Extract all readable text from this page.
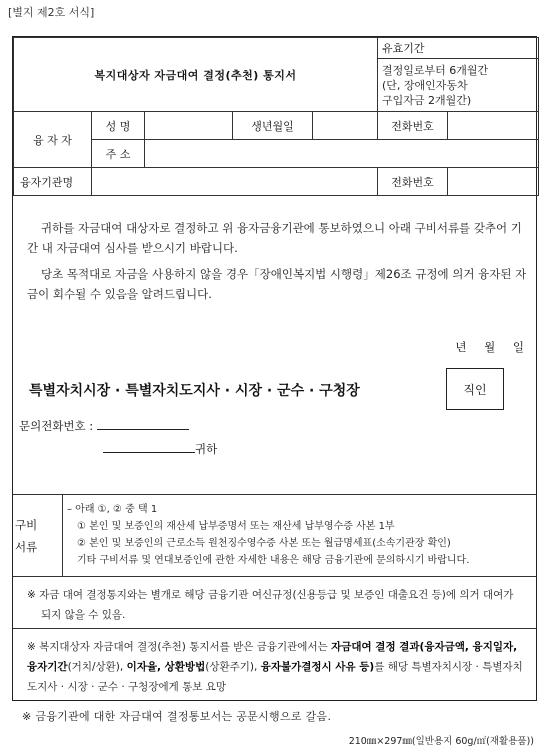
[별지 제2호 서식]
복지대상자 자금대여 결정(추천) 통지서					유효기간	

					결정일로부터 6개월간
(단, 장애인자동차
구입자금 2개월간)	

융 자 자	성 명		생년월일		전화번호	
	주 소					
융자기관명					전화번호	

귀하를 자금대여 대상자로 결정하고 위 융자금융기관에 통보하였으니 아래 구비서류를 갖추어 기간 내 자금대여 심사를 받으시기 바랍니다.

당초 목적대로 자금을 사용하지 않을 경우「장애인복지법 시행령」제26조 규정에 의거 융자된 자금이 회수될 수 있음을 알려드립니다.

년 월 일
특별자치시장 · 특별자치도지사 · 시장 · 군수 · 구청장	직인
문의전화번호 :
귀하
구비
서류
– 아래 ①, ② 중 택 1
① 본인 및 보증인의 재산세 납부증명서 또는 재산세 납부영수증 사본 1부
② 본인 및 보증인의 근로소득 원천징수영수증 사본 또는 월급명세표(소속기관장 확인)
기타 구비서류 및 연대보증인에 관한 자세한 내용은 해당 금융기관에 문의하시기 바랍니다.
※ 자금 대여 결정통지와는 별개로 해당 금융기관 여신규정(신용등급 및 보증인 대출요건 등)에 의거 대여가
되지 않을 수 있음.
※ 복지대상자 자금대여 결정(추천) 통지서를 받은 금융기관에서는 자금대여 결정 결과(융자금액, 융지일자, 융자기간(거치/상환), 이자율, 상환방법(상환주기), 융자불가결정시 사유 등)를 해당 특별자치시장 · 특별자치도지사 · 시장 · 군수 · 구청장에게 통보 요망
※ 금융기관에 대한 자금대여 결정통보서는 공문시행으로 갈음.
210㎜×297㎜(일반용지 60g/㎡(재활용품))
